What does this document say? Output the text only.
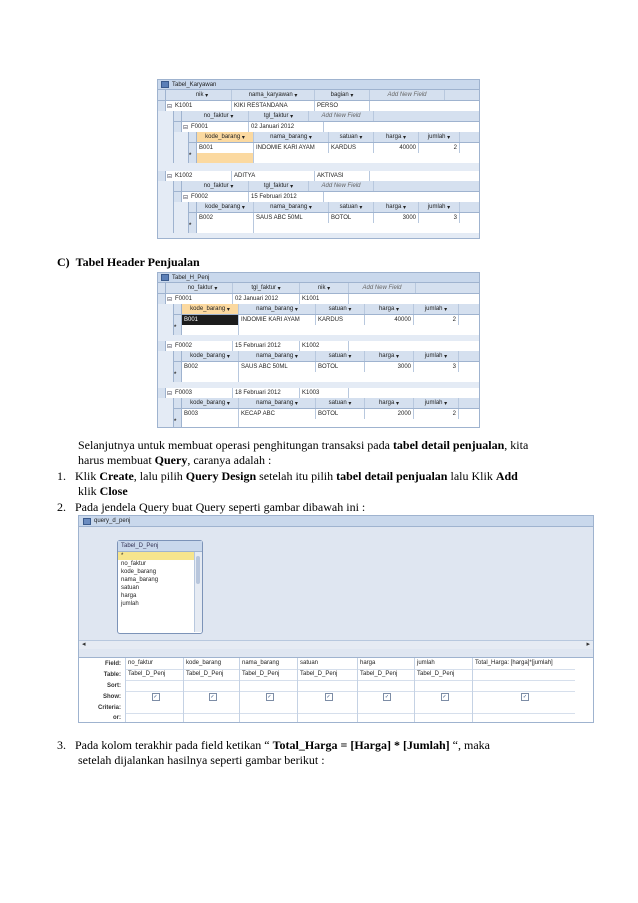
Tabel_Karyawan
nik ▾	nama_karyawan ▾	bagian ▾	Add New Field
⊟ K1001	KIKI RESTANDANA	PERSO
no_faktur ▾	tgl_faktur ▾	Add New Field
⊟ F0001	02 Januari 2012
kode_barang ▾	nama_barang ▾	satuan ▾	harga ▾	jumlah ▾
B001	INDOMIE KARI AYAM	KARDUS	40000	2
*
⊟ K1002	ADITYA	AKTIVASI
no_faktur ▾	tgl_faktur ▾	Add New Field
⊟ F0002	15 Februari 2012
kode_barang ▾	nama_barang ▾	satuan ▾	harga ▾	jumlah ▾
B002	SAUS ABC 50ML	BOTOL	3000	3
*
C) Tabel Header Penjualan
Tabel_H_Penj
no_faktur ▾	tgl_faktur ▾	nik ▾	Add New Field
⊟ F0001	02 Januari 2012	K1001
kode_barang ▾	nama_barang ▾	satuan ▾	harga ▾	jumlah ▾
B001	INDOMIE KARI AYAM	KARDUS	40000	2
*
⊟ F0002	15 Februari 2012	K1002
kode_barang ▾	nama_barang ▾	satuan ▾	harga ▾	jumlah ▾
B002	SAUS ABC 50ML	BOTOL	3000	3
*
⊟ F0003	18 Februari 2012	K1003
kode_barang ▾	nama_barang ▾	satuan ▾	harga ▾	jumlah ▾
B003	KECAP ABC	BOTOL	2000	2
*
Selanjutnya untuk membuat operasi penghitungan transaksi pada tabel detail penjualan, kita
harus membuat Query, caranya adalah :
1. Klik Create, lalu pilih Query Design setelah itu pilih tabel detail penjualan lalu Klik Add
klik Close
2. Pada jendela Query buat Query seperti gambar dibawah ini :
query_d_penj
Tabel_D_Penj
*
no_faktur
kode_barang
nama_barang
satuan
harga
jumlah
◂	▸
Field:	no_faktur	kode_barang	nama_barang	satuan	harga	jumlah	Total_Harga: [harga]*[jumlah]
Table:	Tabel_D_Penj	Tabel_D_Penj	Tabel_D_Penj	Tabel_D_Penj	Tabel_D_Penj	Tabel_D_Penj
Sort:
Show:	✓	✓	✓	✓	✓	✓	✓
Criteria:
or:
3. Pada kolom terakhir pada field ketikan “ Total_Harga = [Harga] * [Jumlah] “, maka
setelah dijalankan hasilnya seperti gambar berikut :
